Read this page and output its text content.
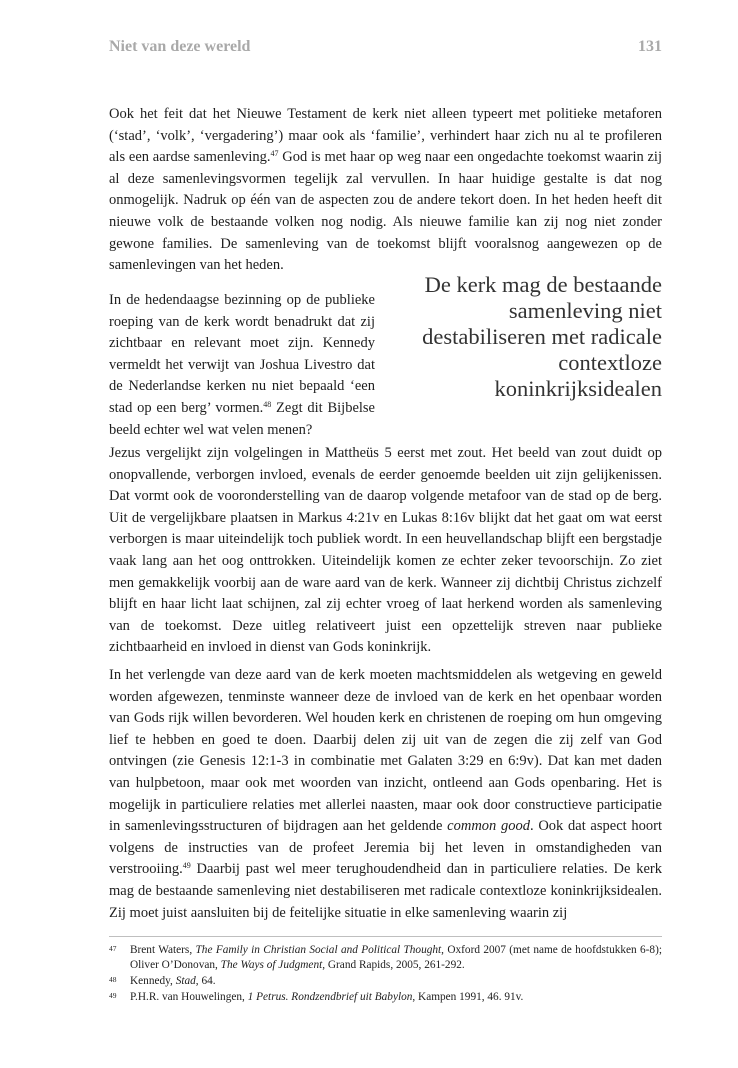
Niet van deze wereld	131

Ook het feit dat het Nieuwe Testament de kerk niet alleen typeert met politieke metaforen (‘stad’, ‘volk’, ‘vergadering’) maar ook als ‘familie’, verhindert haar zich nu al te profileren als een aardse samenleving.$^{47}$ God is met haar op weg naar een ongedachte toekomst waarin zij al deze samenlevingsvormen tegelijk zal vervullen. In haar huidige gestalte is dat nog onmogelijk. Nadruk op één van de aspecten zou de andere tekort doen. In het heden heeft dit nieuwe volk de bestaande volken nog nodig. Als nieuwe familie kan zij nog niet zonder gewone families. De samenleving van de toekomst blijft vooralsnog aangewezen op de samenlevingen van het heden.

In de hedendaagse bezinning op de publieke roeping van de kerk wordt benadrukt dat zij zichtbaar en relevant moet zijn. Kennedy vermeldt het verwijt van Joshua Livestro dat de Nederlandse kerken nu niet bepaald ‘een stad op een berg’ vormen.$^{48}$ Zegt dit Bijbelse beeld echter wel wat velen menen?

De kerk mag de bestaande samenleving niet destabiliseren met radicale contextloze koninkrijksidealen

Jezus vergelijkt zijn volgelingen in Mattheüs 5 eerst met zout. Het beeld van zout duidt op onopvallende, verborgen invloed, evenals de eerder genoemde beelden uit zijn gelijkenissen. Dat vormt ook de vooronderstelling van de daarop volgende metafoor van de stad op de berg. Uit de vergelijkbare plaatsen in Markus 4:21v en Lukas 8:16v blijkt dat het gaat om wat eerst verborgen is maar uiteindelijk toch publiek wordt. In een heuvellandschap blijft een bergstadje vaak lang aan het oog onttrokken. Uiteindelijk komen ze echter zeker tevoorschijn. Zo ziet men gemakkelijk voorbij aan de ware aard van de kerk. Wanneer zij dichtbij Christus zichzelf blijft en haar licht laat schijnen, zal zij echter vroeg of laat herkend worden als samenleving van de toekomst. Deze uitleg relativeert juist een opzettelijk streven naar publieke zichtbaarheid en invloed in dienst van Gods koninkrijk.

In het verlengde van deze aard van de kerk moeten machtsmiddelen als wetgeving en geweld worden afgewezen, tenminste wanneer deze de invloed van de kerk en het openbaar worden van Gods rijk willen bevorderen. Wel houden kerk en christenen de roeping om hun omgeving lief te hebben en goed te doen. Daarbij delen zij uit van de zegen die zij zelf van God ontvingen (zie Genesis 12:1-3 in combinatie met Galaten 3:29 en 6:9v). Dat kan met daden van hulpbetoon, maar ook met woorden van inzicht, ontleend aan Gods openbaring. Het is mogelijk in particuliere relaties met allerlei naasten, maar ook door constructieve participatie in samenlevingsstructuren of bijdragen aan het geldende common good. Ook dat aspect hoort volgens de instructies van de profeet Jeremia bij het leven in omstandigheden van verstrooiing.$^{49}$ Daarbij past wel meer terughoudendheid dan in particuliere relaties. De kerk mag de bestaande samenleving niet destabiliseren met radicale contextloze koninkrijksidealen. Zij moet juist aansluiten bij de feitelijke situatie in elke samenleving waarin zij

47 Brent Waters, The Family in Christian Social and Political Thought, Oxford 2007 (met name de hoofdstukken 6-8); Oliver O’Donovan, The Ways of Judgment, Grand Rapids, 2005, 261-292.

48 Kennedy, Stad, 64.

49 P.H.R. van Houwelingen, 1 Petrus. Rondzendbrief uit Babylon, Kampen 1991, 46. 91v.
